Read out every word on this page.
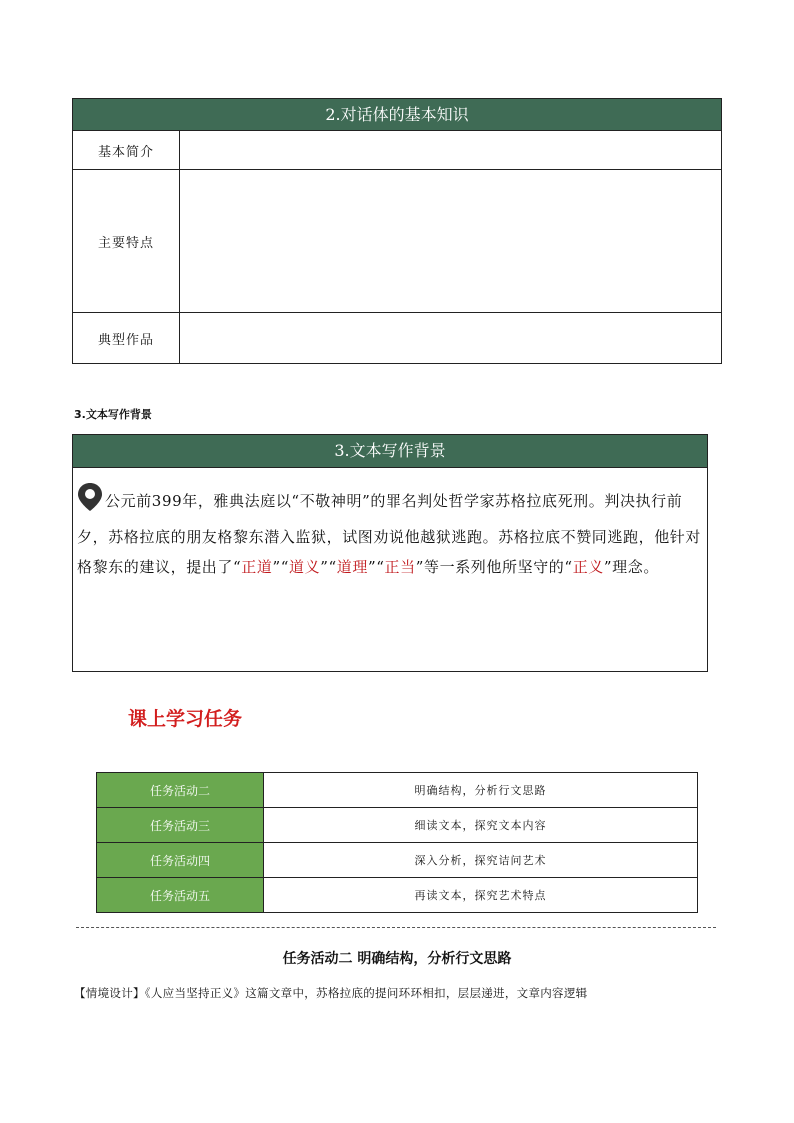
2.对话体的基本知识
基本简介
主要特点
典型作品
3.文本写作背景
3.文本写作背景
公元前399年，雅典法庭以“不敬神明”的罪名判处哲学家苏格拉底死刑。判决执行前夕，苏格拉底的朋友格黎东潜入监狱，试图劝说他越狱逃跑。苏格拉底不赞同逃跑，他针对格黎东的建议，提出了“正道”“道义”“道理”“正当”等一系列他所坚守的“正义”理念。
课上学习任务
任务活动二	明确结构，分析行文思路
任务活动三	细读文本，探究文本内容
任务活动四	深入分析，探究诘问艺术
任务活动五	再读文本，探究艺术特点
任务活动二 明确结构，分析行文思路
【情境设计】《人应当坚持正义》这篇文章中，苏格拉底的提问环环相扣，层层递进，文章内容逻辑
